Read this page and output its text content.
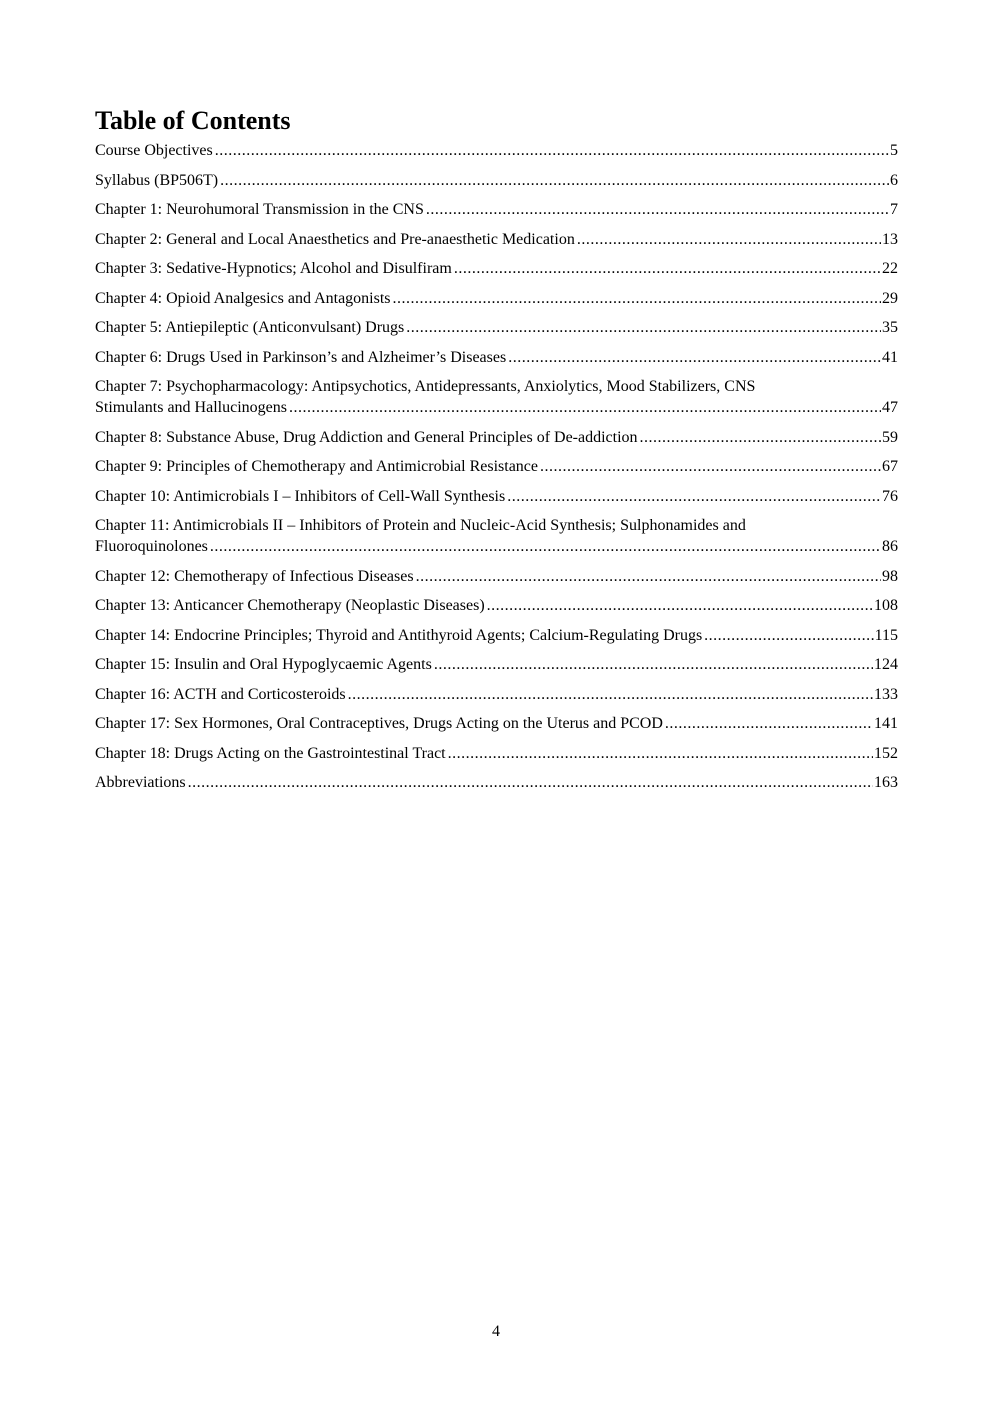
Table of Contents
Course Objectives .....	5
Syllabus (BP506T) .....	6
Chapter 1: Neurohumoral Transmission in the CNS .....	7
Chapter 2: General and Local Anaesthetics and Pre-anaesthetic Medication .....	13
Chapter 3: Sedative-Hypnotics; Alcohol and Disulfiram .....	22
Chapter 4: Opioid Analgesics and Antagonists .....	29
Chapter 5: Antiepileptic (Anticonvulsant) Drugs .....	35
Chapter 6: Drugs Used in Parkinson’s and Alzheimer’s Diseases .....	41
Chapter 7: Psychopharmacology: Antipsychotics, Antidepressants, Anxiolytics, Mood Stabilizers, CNS
Stimulants and Hallucinogens .....	47
Chapter 8: Substance Abuse, Drug Addiction and General Principles of De-addiction .....	59
Chapter 9: Principles of Chemotherapy and Antimicrobial Resistance .....	67
Chapter 10: Antimicrobials I – Inhibitors of Cell-Wall Synthesis .....	76
Chapter 11: Antimicrobials II – Inhibitors of Protein and Nucleic-Acid Synthesis; Sulphonamides and
Fluoroquinolones .....	86
Chapter 12: Chemotherapy of Infectious Diseases .....	98
Chapter 13: Anticancer Chemotherapy (Neoplastic Diseases) .....	108
Chapter 14: Endocrine Principles; Thyroid and Antithyroid Agents; Calcium-Regulating Drugs .....	115
Chapter 15: Insulin and Oral Hypoglycaemic Agents .....	124
Chapter 16: ACTH and Corticosteroids .....	133
Chapter 17: Sex Hormones, Oral Contraceptives, Drugs Acting on the Uterus and PCOD .....	141
Chapter 18: Drugs Acting on the Gastrointestinal Tract .....	152
Abbreviations .....	163
4
